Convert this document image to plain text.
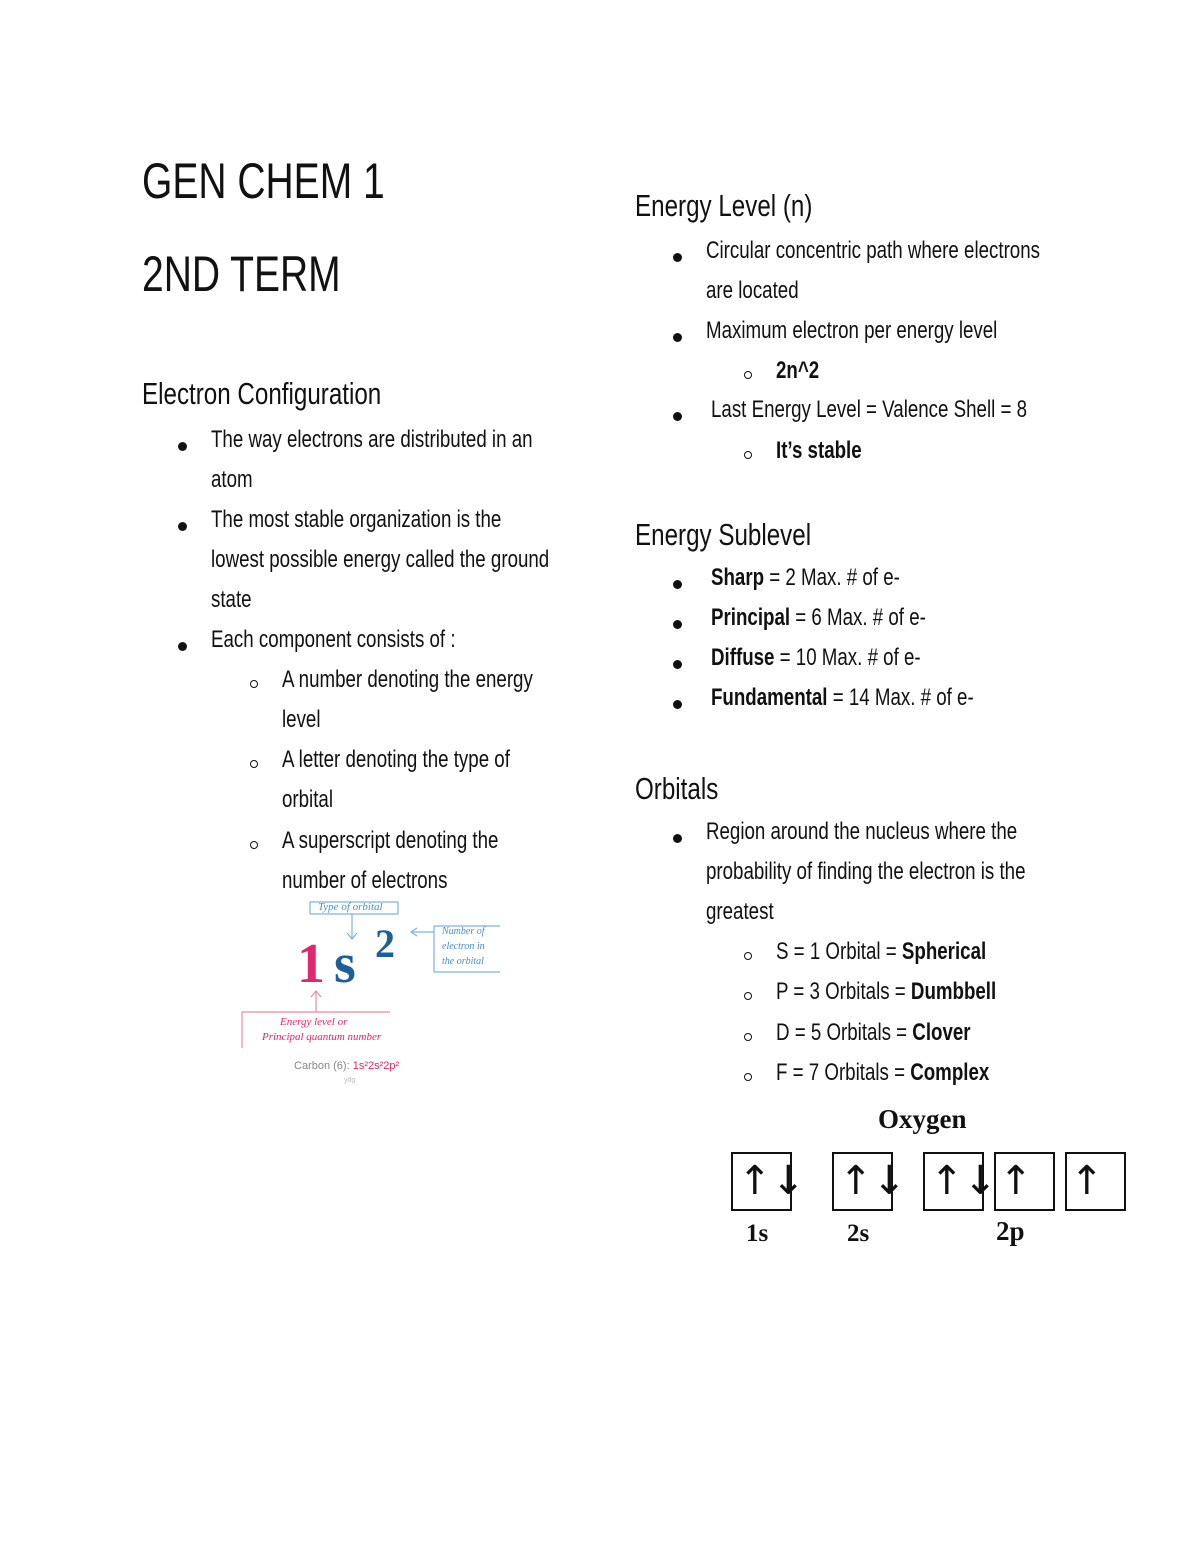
GEN CHEM 1
2ND TERM
Electron Configuration
The way electrons are distributed in an
atom
The most stable organization is the
lowest possible energy called the ground
state
Each component consists of :
A number denoting the energy
level
A letter denoting the type of
orbital
A superscript denoting the
number of electrons
Type of orbital
Number of
electron in
the orbital
1 s 2
Energy level or
Principal quantum number
Carbon (6): 1s²2s²2p²
ydg
Energy Level (n)
Circular concentric path where electrons
are located
Maximum electron per energy level
2n^2
Last Energy Level = Valence Shell = 8
It’s stable
Energy Sublevel
Sharp = 2 Max. # of e-
Principal = 6 Max. # of e-
Diffuse = 10 Max. # of e-
Fundamental = 14 Max. # of e-
Orbitals
Region around the nucleus where the
probability of finding the electron is the
greatest
S = 1 Orbital = Spherical
P = 3 Orbitals = Dumbbell
D = 5 Orbitals = Clover
F = 7 Orbitals = Complex
Oxygen
↑↓ ↑↓ ↑↓ ↑ ↑
1s	2s	2p
